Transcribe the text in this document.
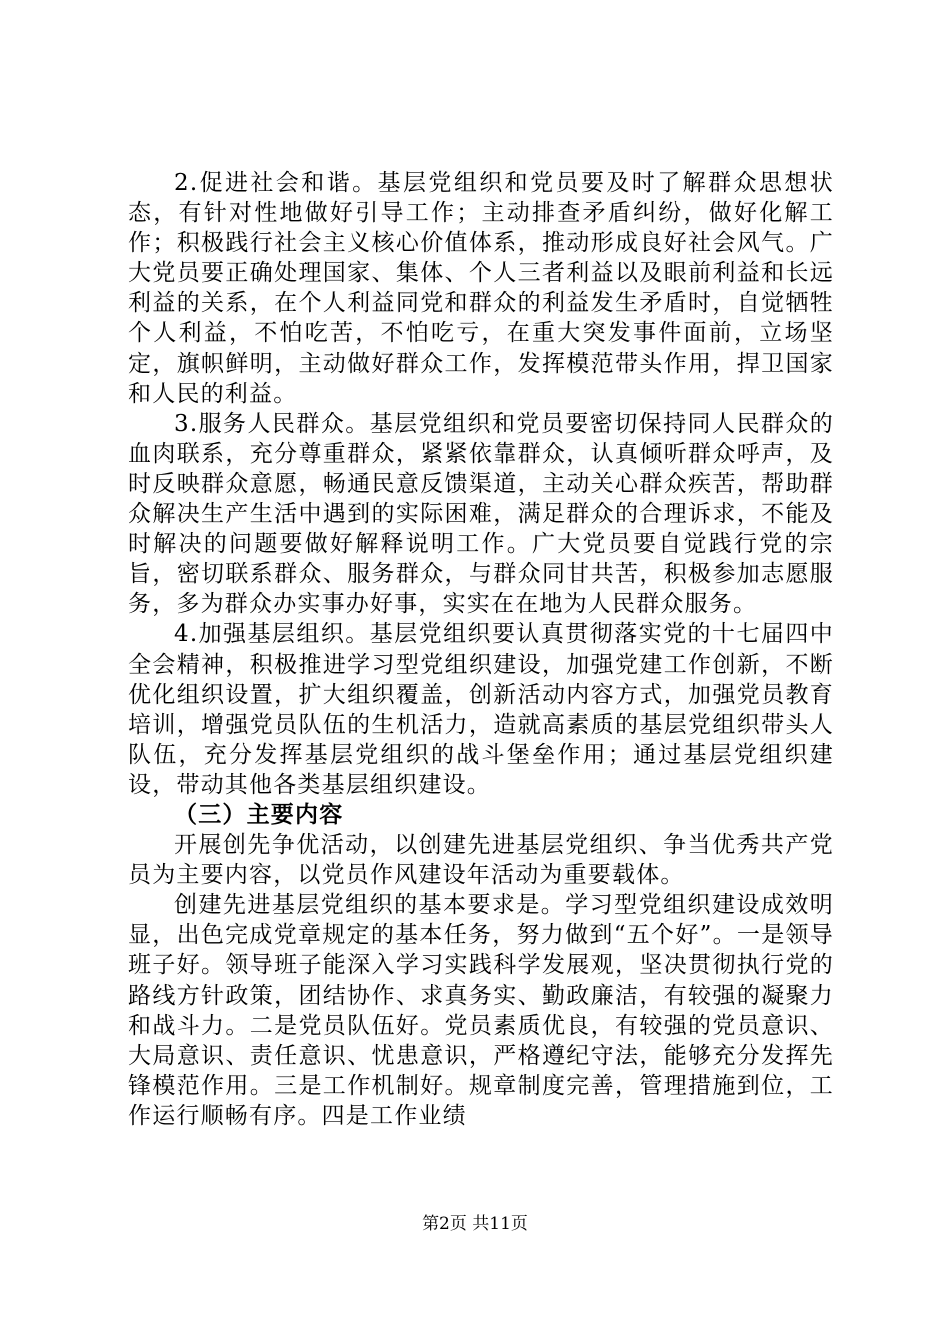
2.促进社会和谐。基层党组织和党员要及时了解群众思想状态，有针对性地做好引导工作；主动排查矛盾纠纷，做好化解工作；积极践行社会主义核心价值体系，推动形成良好社会风气。广大党员要正确处理国家、集体、个人三者利益以及眼前利益和长远利益的关系，在个人利益同党和群众的利益发生矛盾时，自觉牺牲个人利益，不怕吃苦，不怕吃亏，在重大突发事件面前，立场坚定，旗帜鲜明，主动做好群众工作，发挥模范带头作用，捍卫国家和人民的利益。

3.服务人民群众。基层党组织和党员要密切保持同人民群众的血肉联系，充分尊重群众，紧紧依靠群众，认真倾听群众呼声，及时反映群众意愿，畅通民意反馈渠道，主动关心群众疾苦，帮助群众解决生产生活中遇到的实际困难，满足群众的合理诉求，不能及时解决的问题要做好解释说明工作。广大党员要自觉践行党的宗旨，密切联系群众、服务群众，与群众同甘共苦，积极参加志愿服务，多为群众办实事办好事，实实在在地为人民群众服务。

4.加强基层组织。基层党组织要认真贯彻落实党的十七届四中全会精神，积极推进学习型党组织建设，加强党建工作创新，不断优化组织设置，扩大组织覆盖，创新活动内容方式，加强党员教育培训，增强党员队伍的生机活力，造就高素质的基层党组织带头人队伍，充分发挥基层党组织的战斗堡垒作用；通过基层党组织建设，带动其他各类基层组织建设。

（三）主要内容

开展创先争优活动，以创建先进基层党组织、争当优秀共产党员为主要内容，以党员作风建设年活动为重要载体。

创建先进基层党组织的基本要求是。学习型党组织建设成效明显，出色完成党章规定的基本任务，努力做到“五个好”。一是领导班子好。领导班子能深入学习实践科学发展观，坚决贯彻执行党的路线方针政策，团结协作、求真务实、勤政廉洁，有较强的凝聚力和战斗力。二是党员队伍好。党员素质优良，有较强的党员意识、大局意识、责任意识、忧患意识，严格遵纪守法，能够充分发挥先锋模范作用。三是工作机制好。规章制度完善，管理措施到位，工作运行顺畅有序。四是工作业绩

第2页 共11页
